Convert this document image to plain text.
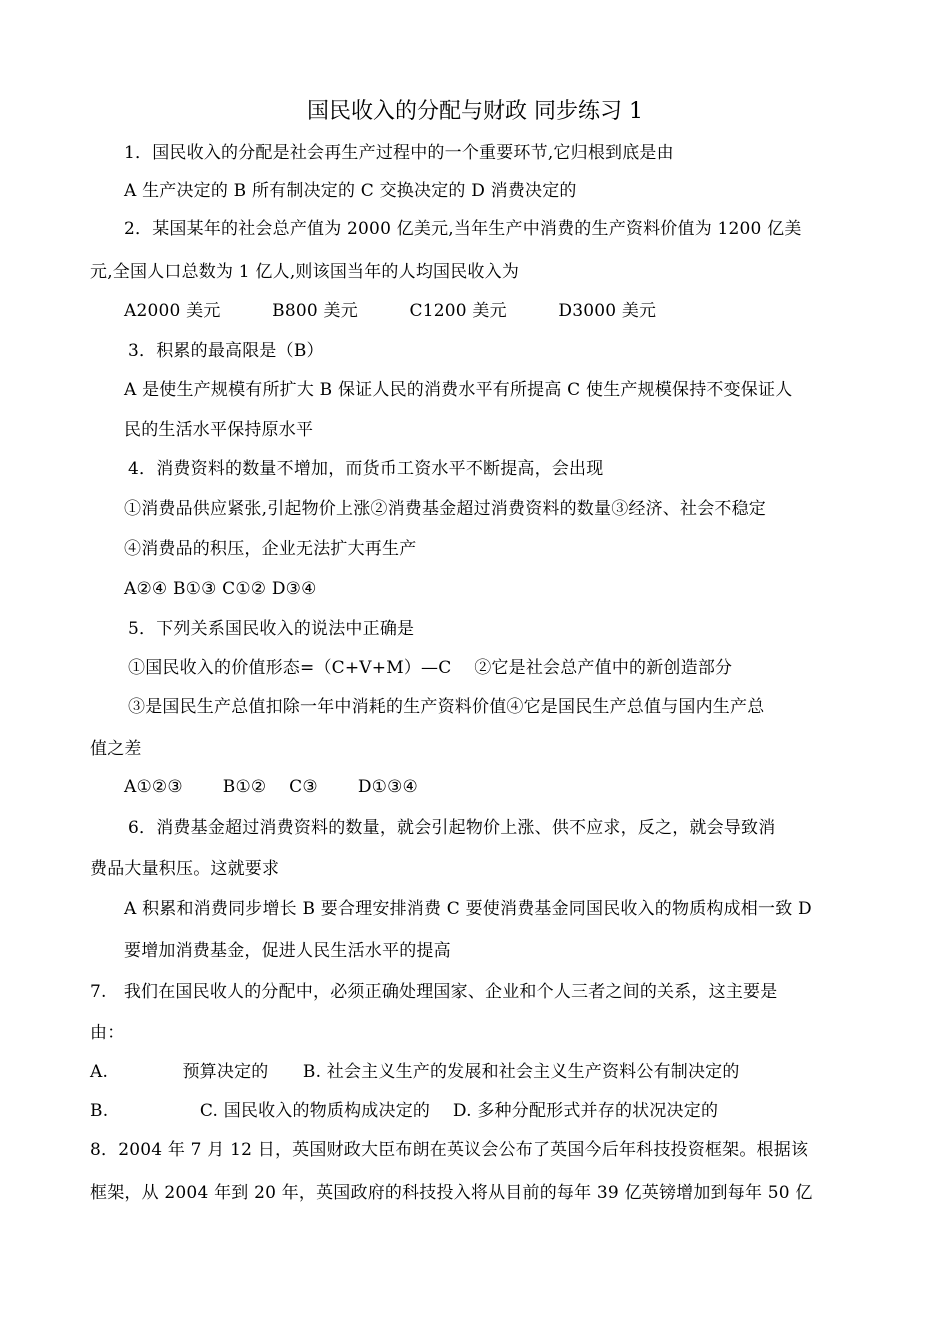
国民收入的分配与财政 同步练习 1
1．国民收入的分配是社会再生产过程中的一个重要环节,它归根到底是由
A 生产决定的 B 所有制决定的 C 交换决定的 D 消费决定的
2．某国某年的社会总产值为 2000 亿美元,当年生产中消费的生产资料价值为 1200 亿美
元,全国人口总数为 1 亿人,则该国当年的人均国民收入为
A2000 美元　　　B800 美元　　　C1200 美元　　　D3000 美元
3．积累的最高限是（B）
A 是使生产规模有所扩大 B 保证人民的消费水平有所提高 C 使生产规模保持不变保证人
民的生活水平保持原水平
4．消费资料的数量不增加，而货币工资水平不断提高，会出现
①消费品供应紧张,引起物价上涨②消费基金超过消费资料的数量③经济、社会不稳定
④消费品的积压，企业无法扩大再生产
A②④ B①③ C①② D③④
5．下列关系国民收入的说法中正确是
①国民收入的价值形态=（C+V+M）—C　 ②它是社会总产值中的新创造部分
③是国民生产总值扣除一年中消耗的生产资料价值④它是国民生产总值与国内生产总
值之差
A①②③　　 B①②　 C③　　 D①③④
6．消费基金超过消费资料的数量，就会引起物价上涨、供不应求，反之，就会导致消
费品大量积压。这就要求
A 积累和消费同步增长 B 要合理安排消费 C 要使消费基金同国民收入的物质构成相一致 D
要增加消费基金，促进人民生活水平的提高
7.　我们在国民收人的分配中，必须正确处理国家、企业和个人三者之间的关系，这主要是
由：
A.　　　　 预算决定的　　B. 社会主义生产的发展和社会主义生产资料公有制决定的
B.　　　　　 C. 国民收入的物质构成决定的　 D. 多种分配形式并存的状况决定的
8．2004 年 7 月 12 日，英国财政大臣布朗在英议会公布了英国今后年科技投资框架。根据该
框架，从 2004 年到 20 年，英国政府的科技投入将从目前的每年 39 亿英镑增加到每年 50 亿
